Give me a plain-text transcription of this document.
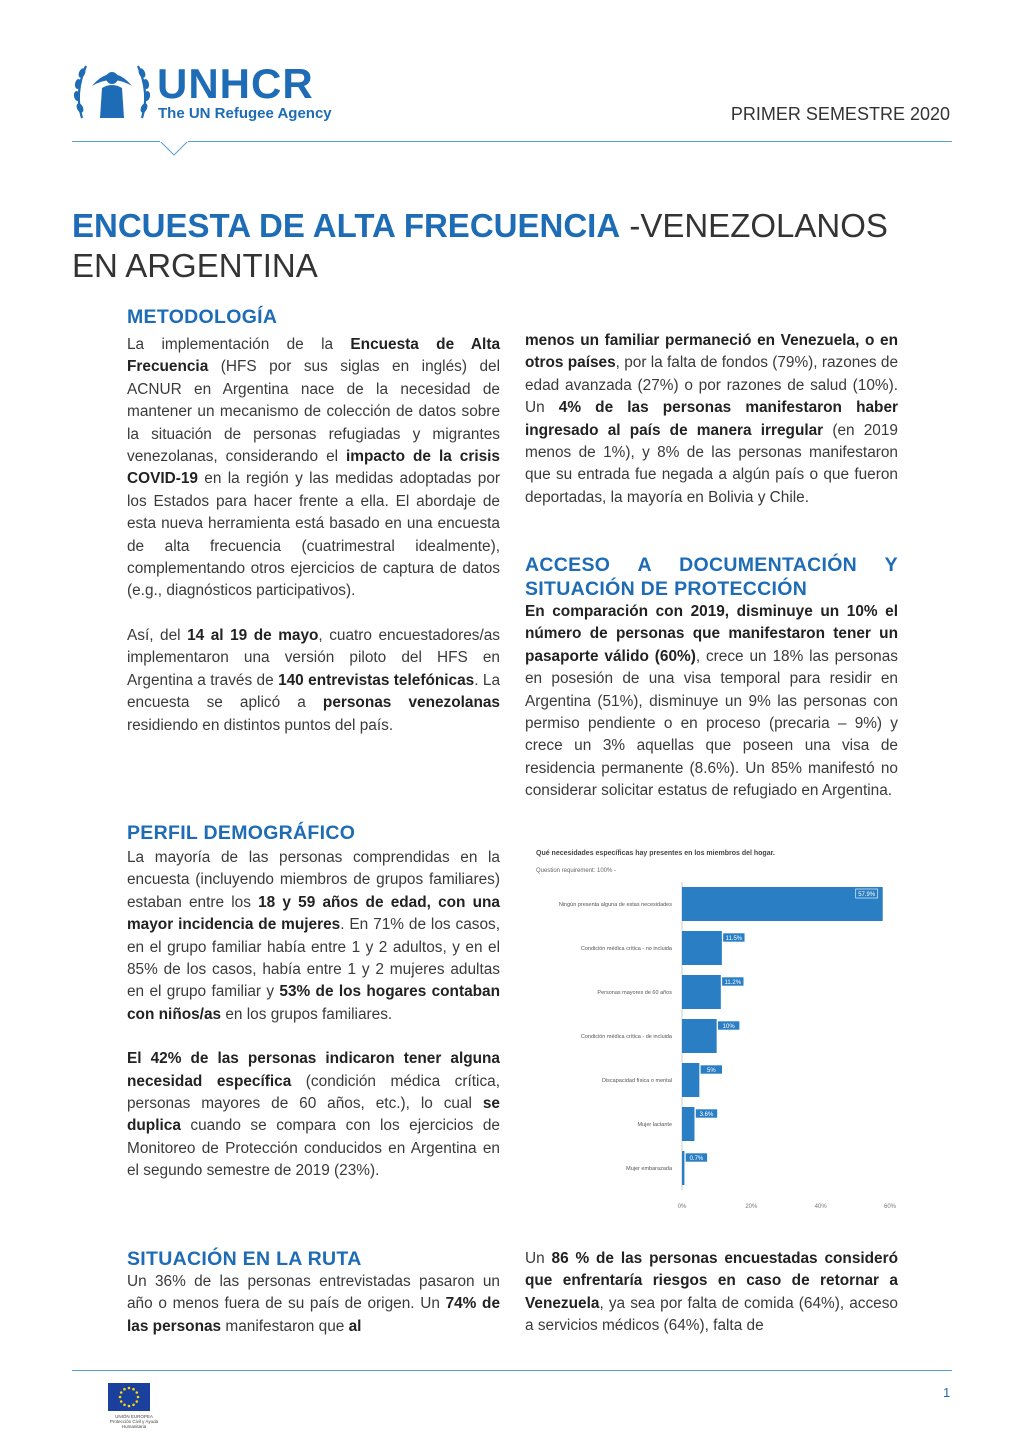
UNHCR
The UN Refugee Agency	PRIMER SEMESTRE 2020
ENCUESTA DE ALTA FRECUENCIA -VENEZOLANOS
EN ARGENTINA

METODOLOGÍA

La implementación de la Encuesta de Alta Frecuencia (HFS por sus siglas en inglés) del ACNUR en Argentina nace de la necesidad de mantener un mecanismo de colección de datos sobre la situación de personas refugiadas y migrantes venezolanas, considerando el impacto de la crisis COVID-19 en la región y las medidas adoptadas por los Estados para hacer frente a ella. El abordaje de esta nueva herramienta está basado en una encuesta de alta frecuencia (cuatrimestral idealmente), complementando otros ejercicios de captura de datos (e.g., diagnósticos participativos).

Así, del 14 al 19 de mayo, cuatro encuestadores/as implementaron una versión piloto del HFS en Argentina a través de 140 entrevistas telefónicas. La encuesta se aplicó a personas venezolanas residiendo en distintos puntos del país.

PERFIL DEMOGRÁFICO

La mayoría de las personas comprendidas en la encuesta (incluyendo miembros de grupos familiares) estaban entre los 18 y 59 años de edad, con una mayor incidencia de mujeres. En 71% de los casos, en el grupo familiar había entre 1 y 2 adultos, y en el 85% de los casos, había entre 1 y 2 mujeres adultas en el grupo familiar y 53% de los hogares contaban con niños/as en los grupos familiares.

El 42% de las personas indicaron tener alguna necesidad específica (condición médica crítica, personas mayores de 60 años, etc.), lo cual se duplica cuando se compara con los ejercicios de Monitoreo de Protección conducidos en Argentina en el segundo semestre de 2019 (23%).

SITUACIÓN EN LA RUTA

Un 36% de las personas entrevistadas pasaron un año o menos fuera de su país de origen. Un 74% de las personas manifestaron que al

menos un familiar permaneció en Venezuela, o en otros países, por la falta de fondos (79%), razones de edad avanzada (27%) o por razones de salud (10%). Un 4% de las personas manifestaron haber ingresado al país de manera irregular (en 2019 menos de 1%), y 8% de las personas manifestaron que su entrada fue negada a algún país o que fueron deportadas, la mayoría en Bolivia y Chile.

ACCESO A DOCUMENTACIÓN Y

SITUACIÓN DE PROTECCIÓN

En comparación con 2019, disminuye un 10% el número de personas que manifestaron tener un pasaporte válido (60%), crece un 18% las personas en posesión de una visa temporal para residir en Argentina (51%), disminuye un 9% las personas con permiso pendiente o en proceso (precaria – 9%) y crece un 3% aquellas que poseen una visa de residencia permanente (8.6%). Un 85% manifestó no considerar solicitar estatus de refugiado en Argentina.

Qué necesidades específicas hay presentes en los miembros del hogar.
Question requirement: 100% -
Ningún presenta alguna de estas necesidades
57.9%
Condición médica crítica - no incluida
11.5%
Personas mayores de 60 años
11.2%
Condición médica crítica - de incluida
10%
Discapacidad física o mental
5%
Mujer lactante
3.6%
Mujer embarazada
0.7%
0%	20%	40%	60%

Un 86 % de las personas encuestadas consideró que enfrentaría riesgos en caso de retornar a Venezuela, ya sea por falta de comida (64%), acceso a servicios médicos (64%), falta de

UNIÓN EUROPEA Protección Civil y Ayuda Humanitaria
1
